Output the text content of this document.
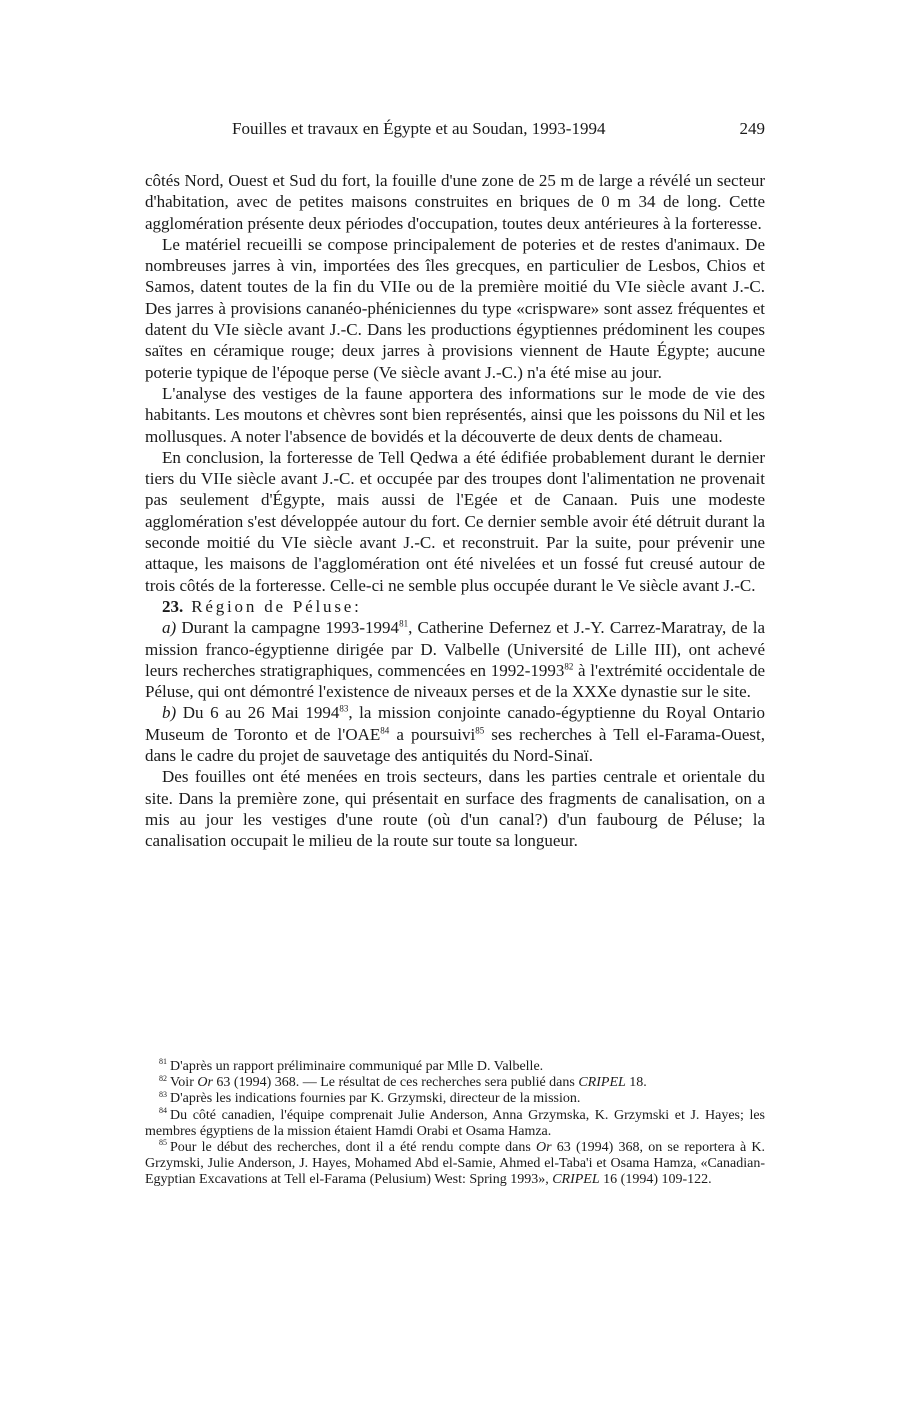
Fouilles et travaux en Égypte et au Soudan, 1993-1994	249

côtés Nord, Ouest et Sud du fort, la fouille d'une zone de 25 m de large a révélé un secteur d'habitation, avec de petites maisons construites en briques de 0 m 34 de long. Cette agglomération présente deux périodes d'occupation, toutes deux antérieures à la forteresse.

Le matériel recueilli se compose principalement de poteries et de restes d'animaux. De nombreuses jarres à vin, importées des îles grecques, en particulier de Lesbos, Chios et Samos, datent toutes de la fin du VIIe ou de la première moitié du VIe siècle avant J.-C. Des jarres à provisions cananéo-phéniciennes du type «crispware» sont assez fréquentes et datent du VIe siècle avant J.-C. Dans les productions égyptiennes prédominent les coupes saïtes en céramique rouge; deux jarres à provisions viennent de Haute Égypte; aucune poterie typique de l'époque perse (Ve siècle avant J.-C.) n'a été mise au jour.

L'analyse des vestiges de la faune apportera des informations sur le mode de vie des habitants. Les moutons et chèvres sont bien représentés, ainsi que les poissons du Nil et les mollusques. A noter l'absence de bovidés et la découverte de deux dents de chameau.

En conclusion, la forteresse de Tell Qedwa a été édifiée probablement durant le dernier tiers du VIIe siècle avant J.-C. et occupée par des troupes dont l'alimentation ne provenait pas seulement d'Égypte, mais aussi de l'Egée et de Canaan. Puis une modeste agglomération s'est développée autour du fort. Ce dernier semble avoir été détruit durant la seconde moitié du VIe siècle avant J.-C. et reconstruit. Par la suite, pour prévenir une attaque, les maisons de l'agglomération ont été nivelées et un fossé fut creusé autour de trois côtés de la forteresse. Celle-ci ne semble plus occupée durant le Ve siècle avant J.-C.

23. Région de Péluse:

a) Durant la campagne 1993-1994$^{81}$, Catherine Defernez et J.-Y. Carrez-Maratray, de la mission franco-égyptienne dirigée par D. Valbelle (Université de Lille III), ont achevé leurs recherches stratigraphiques, commencées en 1992-1993$^{82}$ à l'extrémité occidentale de Péluse, qui ont démontré l'existence de niveaux perses et de la XXXe dynastie sur le site.

b) Du 6 au 26 Mai 1994$^{83}$, la mission conjointe canado-égyptienne du Royal Ontario Museum de Toronto et de l'OAE$^{84}$ a poursuivi$^{85}$ ses recherches à Tell el-Farama-Ouest, dans le cadre du projet de sauvetage des antiquités du Nord-Sinaï.

Des fouilles ont été menées en trois secteurs, dans les parties centrale et orientale du site. Dans la première zone, qui présentait en surface des fragments de canalisation, on a mis au jour les vestiges d'une route (où d'un canal?) d'un faubourg de Péluse; la canalisation occupait le milieu de la route sur toute sa longueur.

$^{81}$ D'après un rapport préliminaire communiqué par Mlle D. Valbelle.

$^{82}$ Voir Or 63 (1994) 368. — Le résultat de ces recherches sera publié dans CRIPEL 18.

$^{83}$ D'après les indications fournies par K. Grzymski, directeur de la mission.

$^{84}$ Du côté canadien, l'équipe comprenait Julie Anderson, Anna Grzymska, K. Grzymski et J. Hayes; les membres égyptiens de la mission étaient Hamdi Orabi et Osama Hamza.

$^{85}$ Pour le début des recherches, dont il a été rendu compte dans Or 63 (1994) 368, on se reportera à K. Grzymski, Julie Anderson, J. Hayes, Mohamed Abd el-Samie, Ahmed el-Taba'i et Osama Hamza, «Canadian-Egyptian Excavations at Tell el-Farama (Pelusium) West: Spring 1993», CRIPEL 16 (1994) 109-122.
